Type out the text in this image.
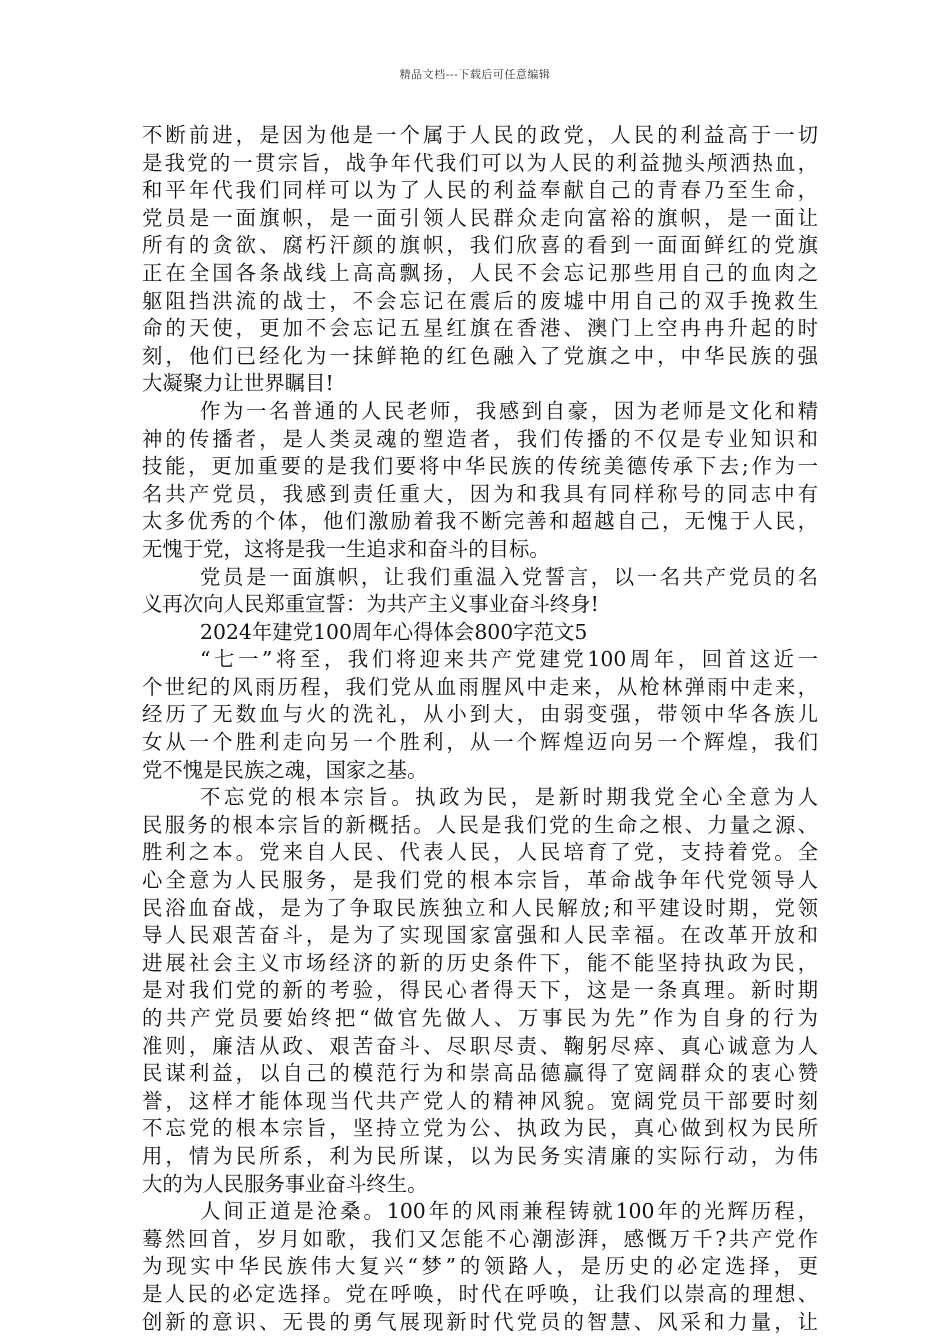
精品文档---下载后可任意编辑
不断前进，是因为他是一个属于人民的政党，人民的利益高于一切
是我党的一贯宗旨，战争年代我们可以为人民的利益抛头颅洒热血，
和平年代我们同样可以为了人民的利益奉献自己的青春乃至生命，
党员是一面旗帜，是一面引领人民群众走向富裕的旗帜，是一面让
所有的贪欲、腐朽汗颜的旗帜，我们欣喜的看到一面面鲜红的党旗
正在全国各条战线上高高飘扬，人民不会忘记那些用自己的血肉之
躯阻挡洪流的战士，不会忘记在震后的废墟中用自己的双手挽救生
命的天使，更加不会忘记五星红旗在香港、澳门上空冉冉升起的时
刻，他们已经化为一抹鲜艳的红色融入了党旗之中，中华民族的强
大凝聚力让世界瞩目!
作为一名普通的人民老师，我感到自豪，因为老师是文化和精
神的传播者，是人类灵魂的塑造者，我们传播的不仅是专业知识和
技能，更加重要的是我们要将中华民族的传统美德传承下去;作为一
名共产党员，我感到责任重大，因为和我具有同样称号的同志中有
太多优秀的个体，他们激励着我不断完善和超越自己，无愧于人民，
无愧于党，这将是我一生追求和奋斗的目标。
党员是一面旗帜，让我们重温入党誓言，以一名共产党员的名
义再次向人民郑重宣誓：为共产主义事业奋斗终身!
2024年建党100周年心得体会800字范文5
“七一”将至，我们将迎来共产党建党100周年，回首这近一
个世纪的风雨历程，我们党从血雨腥风中走来，从枪林弹雨中走来，
经历了无数血与火的洗礼，从小到大，由弱变强，带领中华各族儿
女从一个胜利走向另一个胜利，从一个辉煌迈向另一个辉煌，我们
党不愧是民族之魂，国家之基。
不忘党的根本宗旨。执政为民，是新时期我党全心全意为人
民服务的根本宗旨的新概括。人民是我们党的生命之根、力量之源、
胜利之本。党来自人民、代表人民，人民培育了党，支持着党。全
心全意为人民服务，是我们党的根本宗旨，革命战争年代党领导人
民浴血奋战，是为了争取民族独立和人民解放;和平建设时期，党领
导人民艰苦奋斗，是为了实现国家富强和人民幸福。在改革开放和
进展社会主义市场经济的新的历史条件下，能不能坚持执政为民，
是对我们党的新的考验，得民心者得天下，这是一条真理。新时期
的共产党员要始终把“做官先做人、万事民为先”作为自身的行为
准则，廉洁从政、艰苦奋斗、尽职尽责、鞠躬尽瘁、真心诚意为人
民谋利益，以自己的模范行为和崇高品德赢得了宽阔群众的衷心赞
誉，这样才能体现当代共产党人的精神风貌。宽阔党员干部要时刻
不忘党的根本宗旨，坚持立党为公、执政为民，真心做到权为民所
用，情为民所系，利为民所谋，以为民务实清廉的实际行动，为伟
大的为人民服务事业奋斗终生。
人间正道是沧桑。100年的风雨兼程铸就100年的光辉历程，
蓦然回首，岁月如歌，我们又怎能不心潮澎湃，感慨万千?共产党作
为现实中华民族伟大复兴“梦”的领路人，是历史的必定选择，更
是人民的必定选择。党在呼唤，时代在呼唤，让我们以崇高的理想、
创新的意识、无畏的勇气展现新时代党员的智慧、风采和力量，让
